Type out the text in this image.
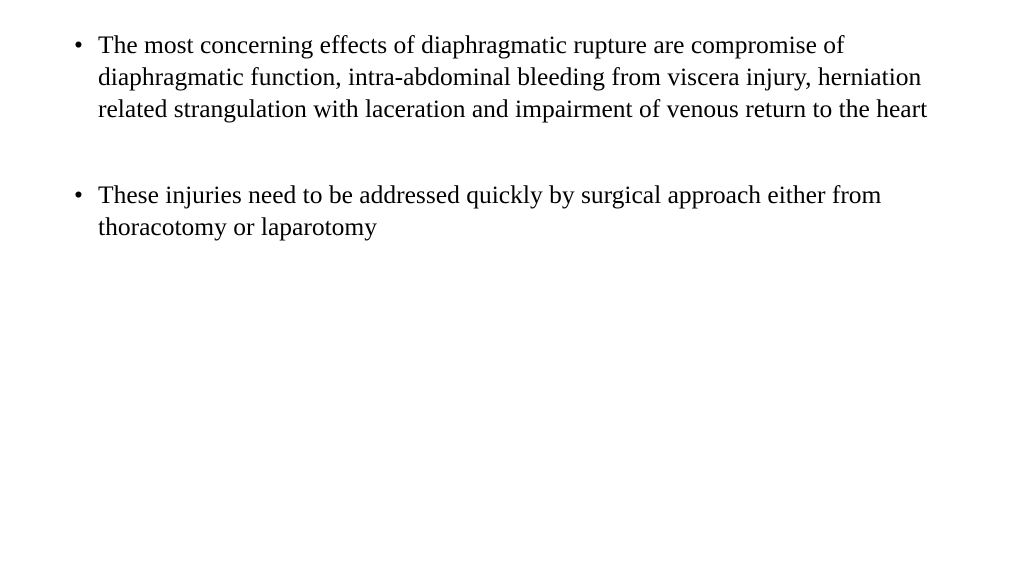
• The most concerning effects of diaphragmatic rupture are compromise of diaphragmatic function, intra-abdominal bleeding from viscera injury, herniation related strangulation with laceration and impairment of venous return to the heart
• These injuries need to be addressed quickly by surgical approach either from thoracotomy or laparotomy
